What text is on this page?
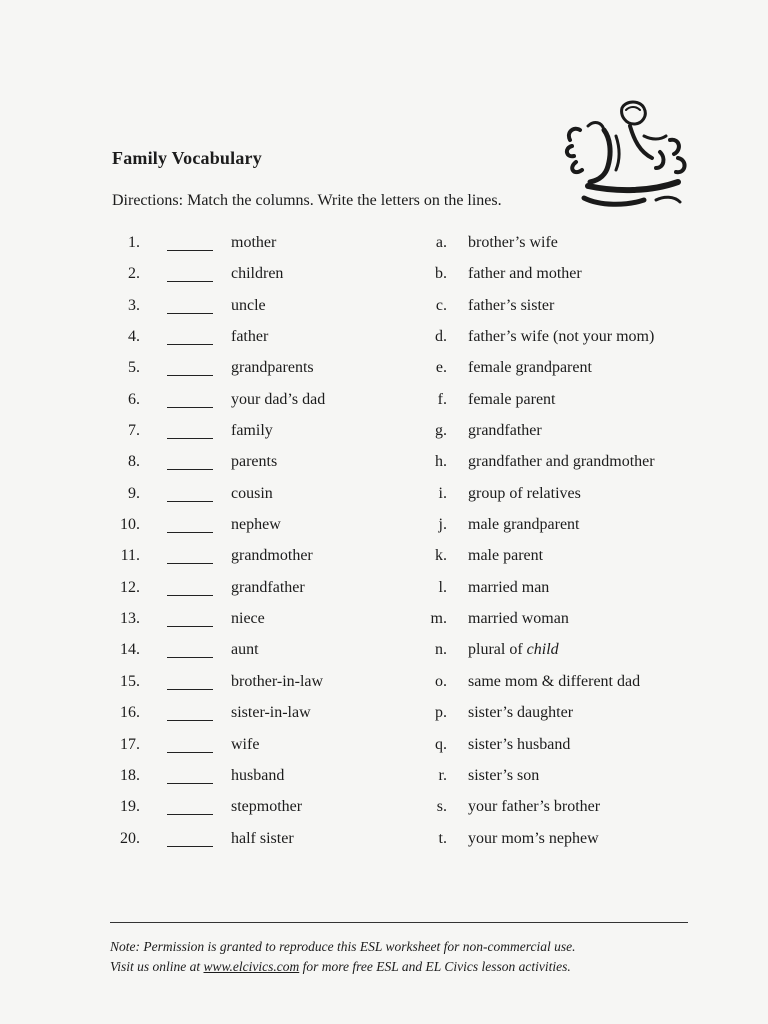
Family Vocabulary
Directions: Match the columns. Write the letters on the lines.
1.	mother	a. brother’s wife
2.	children	b. father and mother
3.	uncle	c. father’s sister
4.	father	d. father’s wife (not your mom)
5.	grandparents	e. female grandparent
6.	your dad’s dad	f. female parent
7.	family	g. grandfather
8.	parents	h. grandfather and grandmother
9.	cousin	i. group of relatives
10.	nephew	j. male grandparent
11.	grandmother	k. male parent
12.	grandfather	l. married man
13.	niece	m. married woman
14.	aunt	n. plural of child
15.	brother-in-law	o. same mom & different dad
16.	sister-in-law	p. sister’s daughter
17.	wife	q. sister’s husband
18.	husband	r. sister’s son
19.	stepmother	s. your father’s brother
20.	half sister	t. your mom’s nephew
Note: Permission is granted to reproduce this ESL worksheet for non-commercial use.
Visit us online at www.elcivics.com for more free ESL and EL Civics lesson activities.
